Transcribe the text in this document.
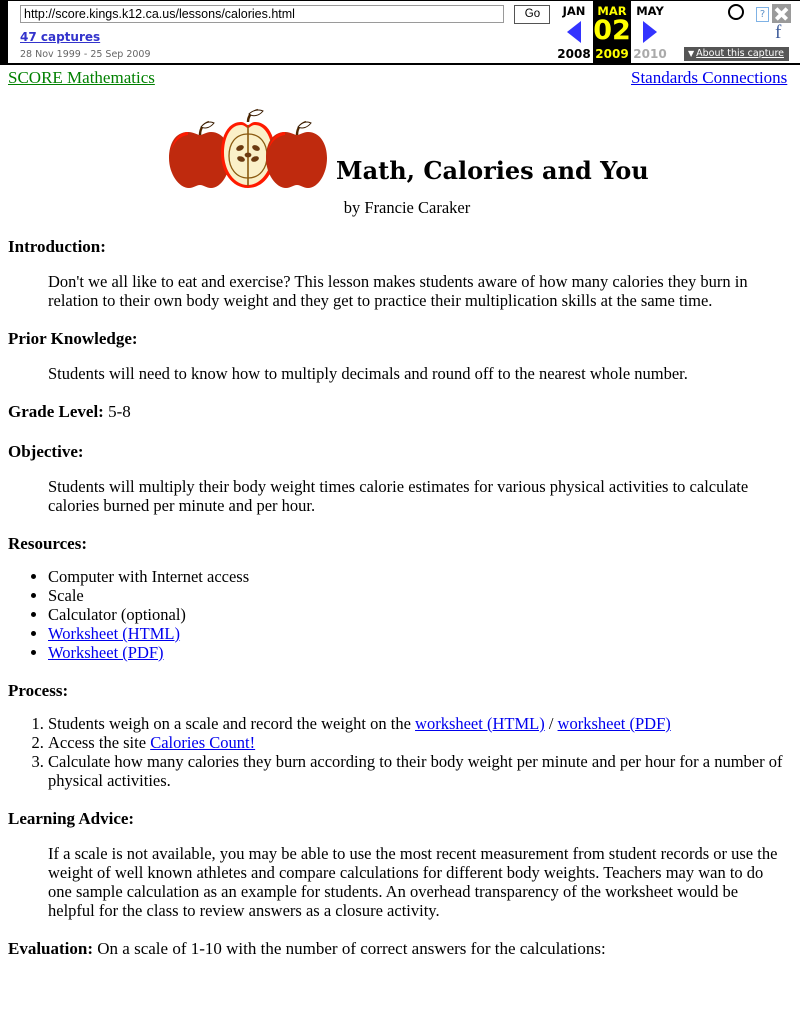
http://score.kings.k12.ca.us/lessons/calories.html Go
47 captures
28 Nov 1999 - 25 Sep 2009
JAN
2008
MAR
02
2009
MAY
2010
?
f
▼ About this capture
SCORE Mathematics	Standards Connections
Math, Calories and You
by Francie Caraker
Introduction:
Don't we all like to eat and exercise? This lesson makes students aware of how many calories they burn in relation to their own body weight and they get to practice their multiplication skills at the same time.
Prior Knowledge:
Students will need to know how to multiply decimals and round off to the nearest whole number.
Grade Level: 5-8
Objective:
Students will multiply their body weight times calorie estimates for various physical activities to calculate calories burned per minute and per hour.
Resources:
• Computer with Internet access
• Scale
• Calculator (optional)
• Worksheet (HTML)
• Worksheet (PDF)
Process:
1. Students weigh on a scale and record the weight on the worksheet (HTML) / worksheet (PDF)
2. Access the site Calories Count!
3. Calculate how many calories they burn according to their body weight per minute and per hour for a number of physical activities.
Learning Advice:
If a scale is not available, you may be able to use the most recent measurement from student records or use the weight of well known athletes and compare calculations for different body weights. Teachers may wan to do one sample calculation as an example for students. An overhead transparency of the worksheet would be helpful for the class to review answers as a closure activity.
Evaluation: On a scale of 1-10 with the number of correct answers for the calculations:
